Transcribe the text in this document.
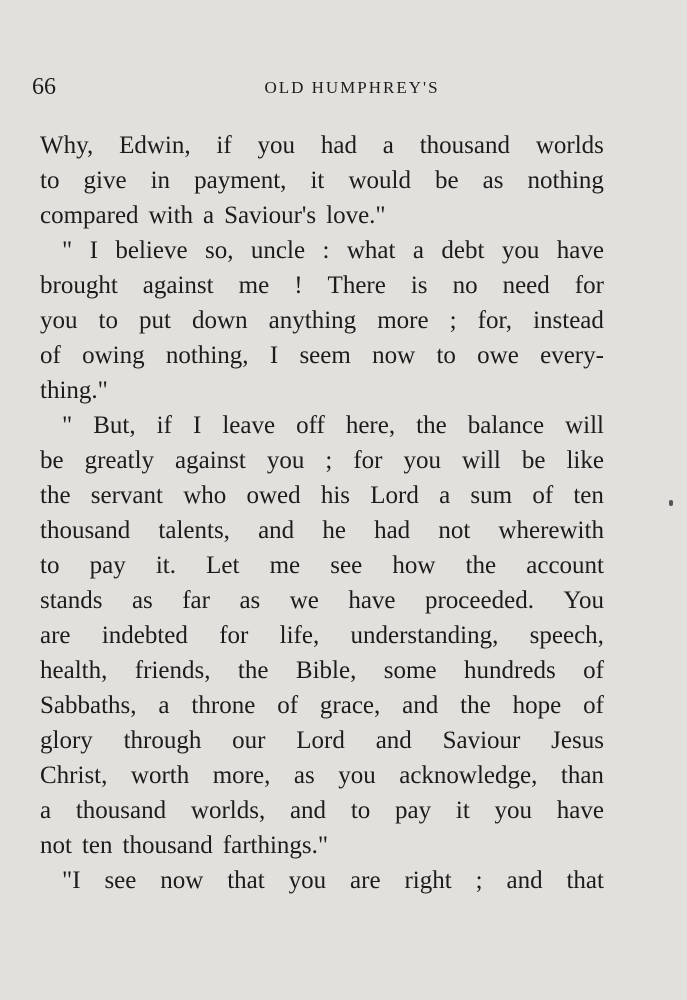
66	OLD HUMPHREY'S
Why, Edwin, if you had a thousand worlds
to give in payment, it would be as nothing
compared with a Saviour's love."
" I believe so, uncle : what a debt you have
brought against me ! There is no need for
you to put down anything more ; for, instead
of owing nothing, I seem now to owe every-
thing."
" But, if I leave off here, the balance will
be greatly against you ; for you will be like
the servant who owed his Lord a sum of ten
thousand talents, and he had not wherewith
to pay it. Let me see how the account
stands as far as we have proceeded. You
are indebted for life, understanding, speech,
health, friends, the Bible, some hundreds of
Sabbaths, a throne of grace, and the hope of
glory through our Lord and Saviour Jesus
Christ, worth more, as you acknowledge, than
a thousand worlds, and to pay it you have
not ten thousand farthings."
"I see now that you are right ; and that
